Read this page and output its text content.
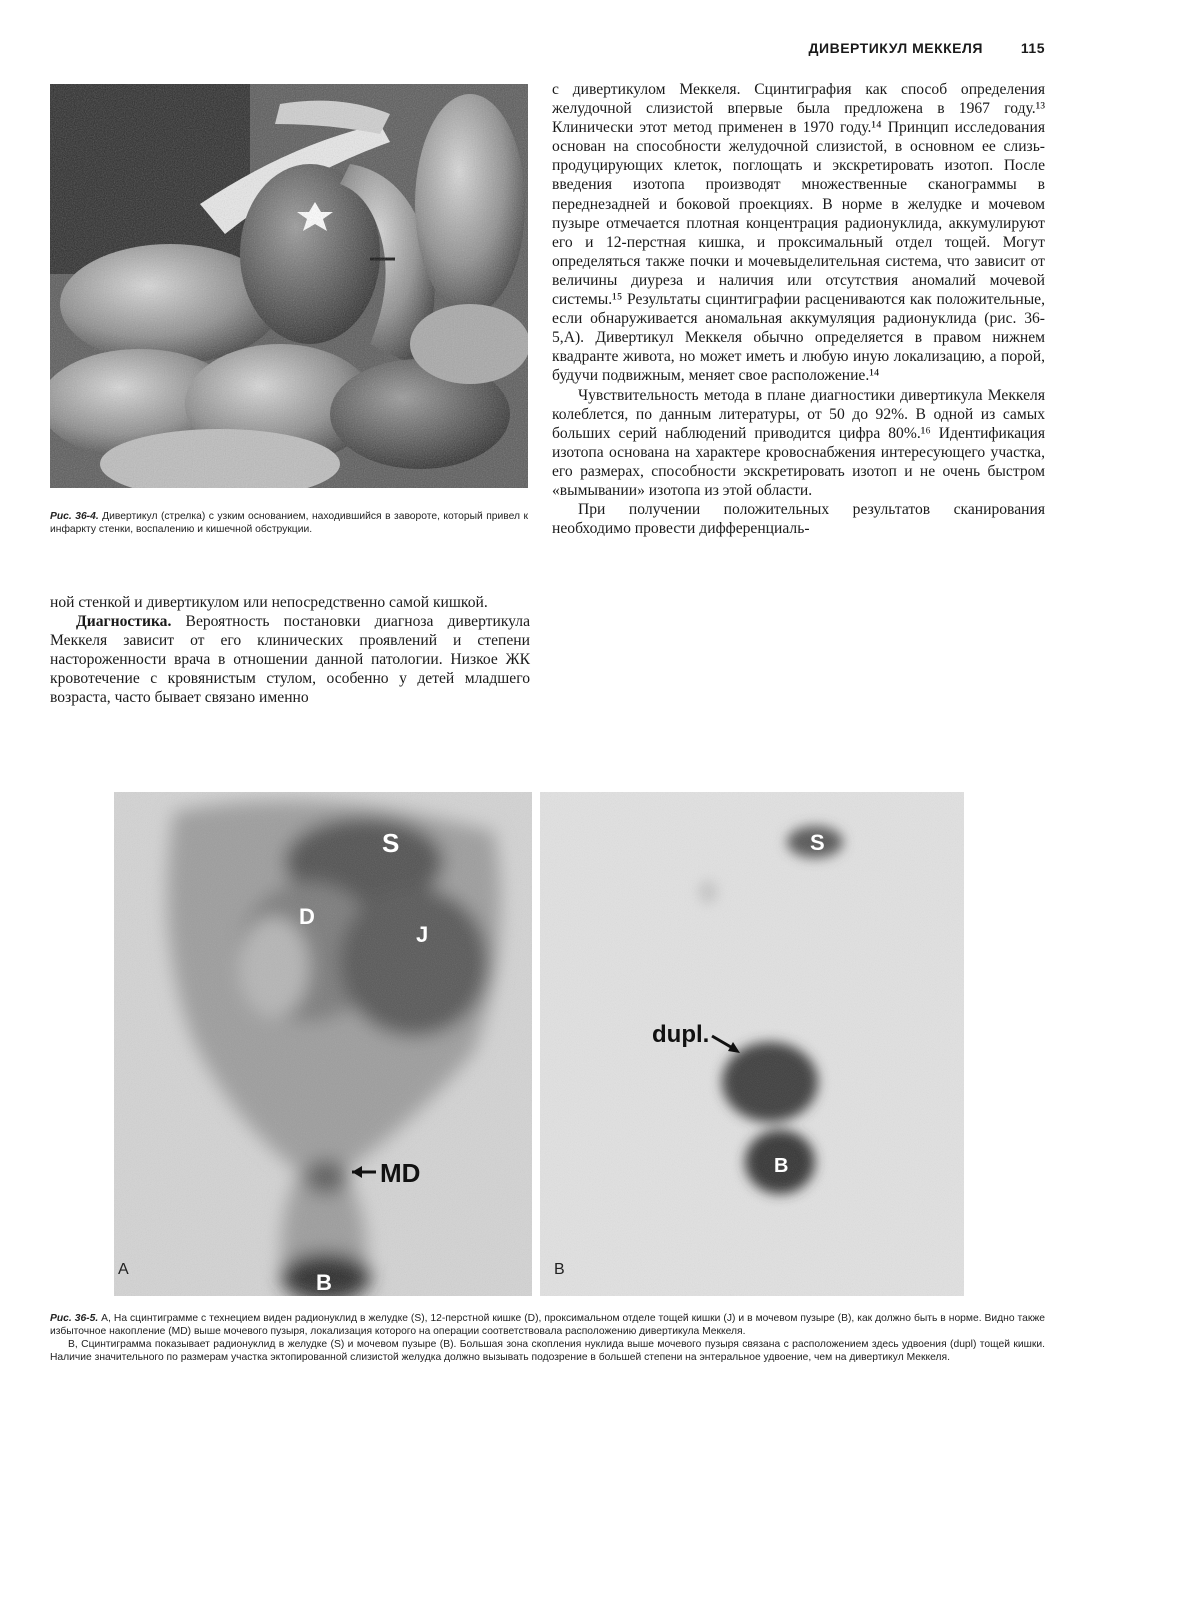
ДИВЕРТИКУЛ МЕККЕЛЯ	115
Рис. 36-4. Дивертикул (стрелка) с узким основанием, находившийся в завороте, который привел к инфаркту стенки, воспалению и кишечной обструкции.

с дивертикулом Меккеля. Сцинтиграфия как способ определения желудочной слизистой впервые была предложена в 1967 году.¹³ Клинически этот метод применен в 1970 году.¹⁴ Принцип исследования основан на способности желудочной слизистой, в основном ее слизь-продуцирующих клеток, поглощать и экскретировать изотоп. После введения изотопа производят множественные сканограммы в переднезадней и боковой проекциях. В норме в желудке и мочевом пузыре отмечается плотная концентрация радионуклида, аккумулируют его и 12-перстная кишка, и проксимальный отдел тощей. Могут определяться также почки и мочевыделительная система, что зависит от величины диуреза и наличия или отсутствия аномалий мочевой системы.¹⁵ Результаты сцинтиграфии расцениваются как положительные, если обнаруживается аномальная аккумуляция радионуклида (рис. 36-5,А). Дивертикул Меккеля обычно определяется в правом нижнем квадранте живота, но может иметь и любую иную локализацию, а порой, будучи подвижным, меняет свое расположение.¹⁴

Чувствительность метода в плане диагностики дивертикула Меккеля колеблется, по данным литературы, от 50 до 92%. В одной из самых больших серий наблюдений приводится цифра 80%.¹⁶ Идентификация изотопа основана на характере кровоснабжения интересующего участка, его размерах, способности экскретировать изотоп и не очень быстром «вымывании» изотопа из этой области.

При получении положительных результатов сканирования необходимо провести дифференциаль-

ной стенкой и дивертикулом или непосредственно самой кишкой.

Диагностика. Вероятность постановки диагноза дивертикула Меккеля зависит от его клинических проявлений и степени настороженности врача в отношении данной патологии. Низкое ЖК кровотечение с кровянистым стулом, особенно у детей младшего возраста, часто бывает связано именно

S
D
J
MD
B
A
S
dupl.
B
B

Рис. 36-5. А, На сцинтиграмме с технецием виден радионуклид в желудке (S), 12-перстной кишке (D), проксимальном отделе тощей кишки (J) и в мочевом пузыре (В), как должно быть в норме. Видно также избыточное накопление (MD) выше мочевого пузыря, локализация которого на операции соответствовала расположению дивертикула Меккеля.

В, Сцинтиграмма показывает радионуклид в желудке (S) и мочевом пузыре (В). Большая зона скопления нуклида выше мочевого пузыря связана с расположением здесь удвоения (dupl) тощей кишки. Наличие значительного по размерам участка эктопированной слизистой желудка должно вызывать подозрение в большей степени на энтеральное удвоение, чем на дивертикул Меккеля.
